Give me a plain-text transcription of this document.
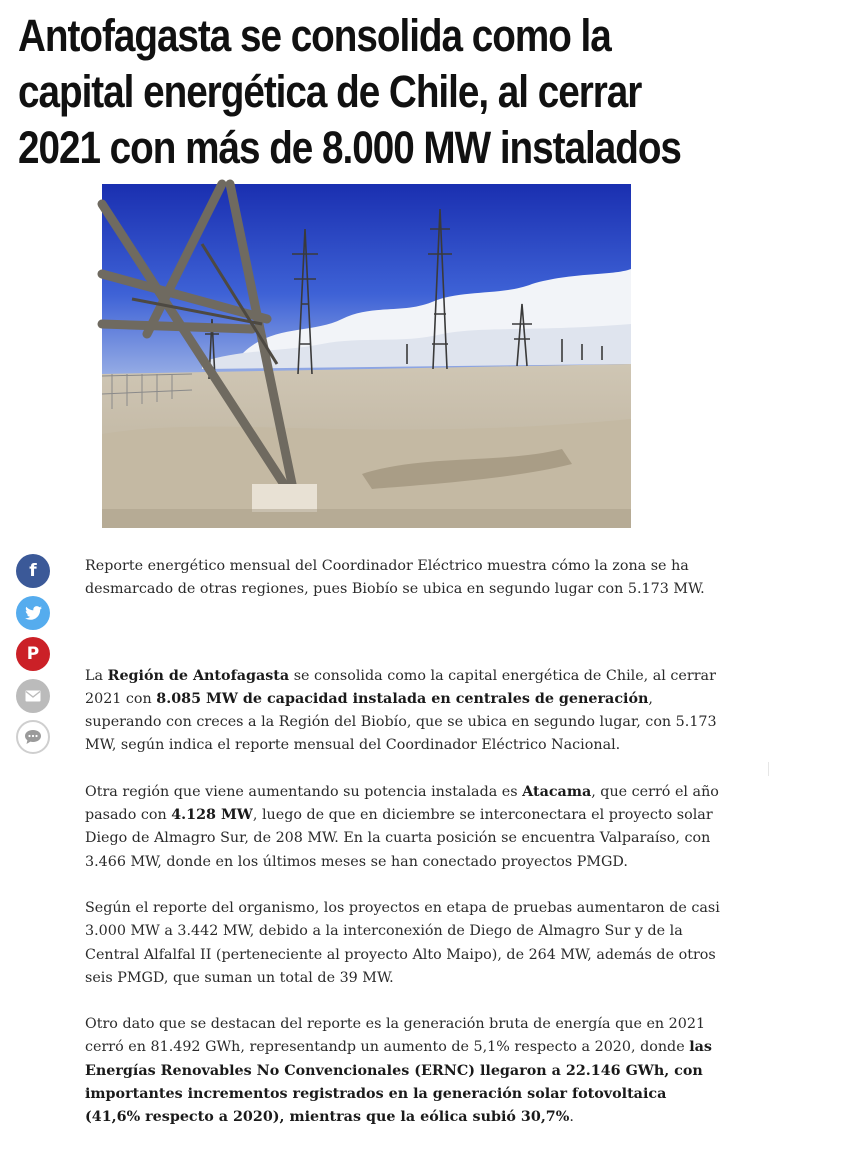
Antofagasta se consolida como la capital energética de Chile, al cerrar 2021 con más de 8.000 MW instalados
f
P

Reporte energético mensual del Coordinador Eléctrico muestra cómo la zona se ha desmarcado de otras regiones, pues Biobío se ubica en segundo lugar con 5.173 MW.

La Región de Antofagasta se consolida como la capital energética de Chile, al cerrar 2021 con 8.085 MW de capacidad instalada en centrales de generación, superando con creces a la Región del Biobío, que se ubica en segundo lugar, con 5.173 MW, según indica el reporte mensual del Coordinador Eléctrico Nacional.

Otra región que viene aumentando su potencia instalada es Atacama, que cerró el año pasado con 4.128 MW, luego de que en diciembre se interconectara el proyecto solar Diego de Almagro Sur, de 208 MW. En la cuarta posición se encuentra Valparaíso, con 3.466 MW, donde en los últimos meses se han conectado proyectos PMGD.

Según el reporte del organismo, los proyectos en etapa de pruebas aumentaron de casi 3.000 MW a 3.442 MW, debido a la interconexión de Diego de Almagro Sur y de la Central Alfalfal II (perteneciente al proyecto Alto Maipo), de 264 MW, además de otros seis PMGD, que suman un total de 39 MW.

Otro dato que se destacan del reporte es la generación bruta de energía que en 2021 cerró en 81.492 GWh, representandp un aumento de 5,1% respecto a 2020, donde las Energías Renovables No Convencionales (ERNC) llegaron a 22.146 GWh, con importantes incrementos registrados en la generación solar fotovoltaica (41,6% respecto a 2020), mientras que la eólica subió 30,7%.
